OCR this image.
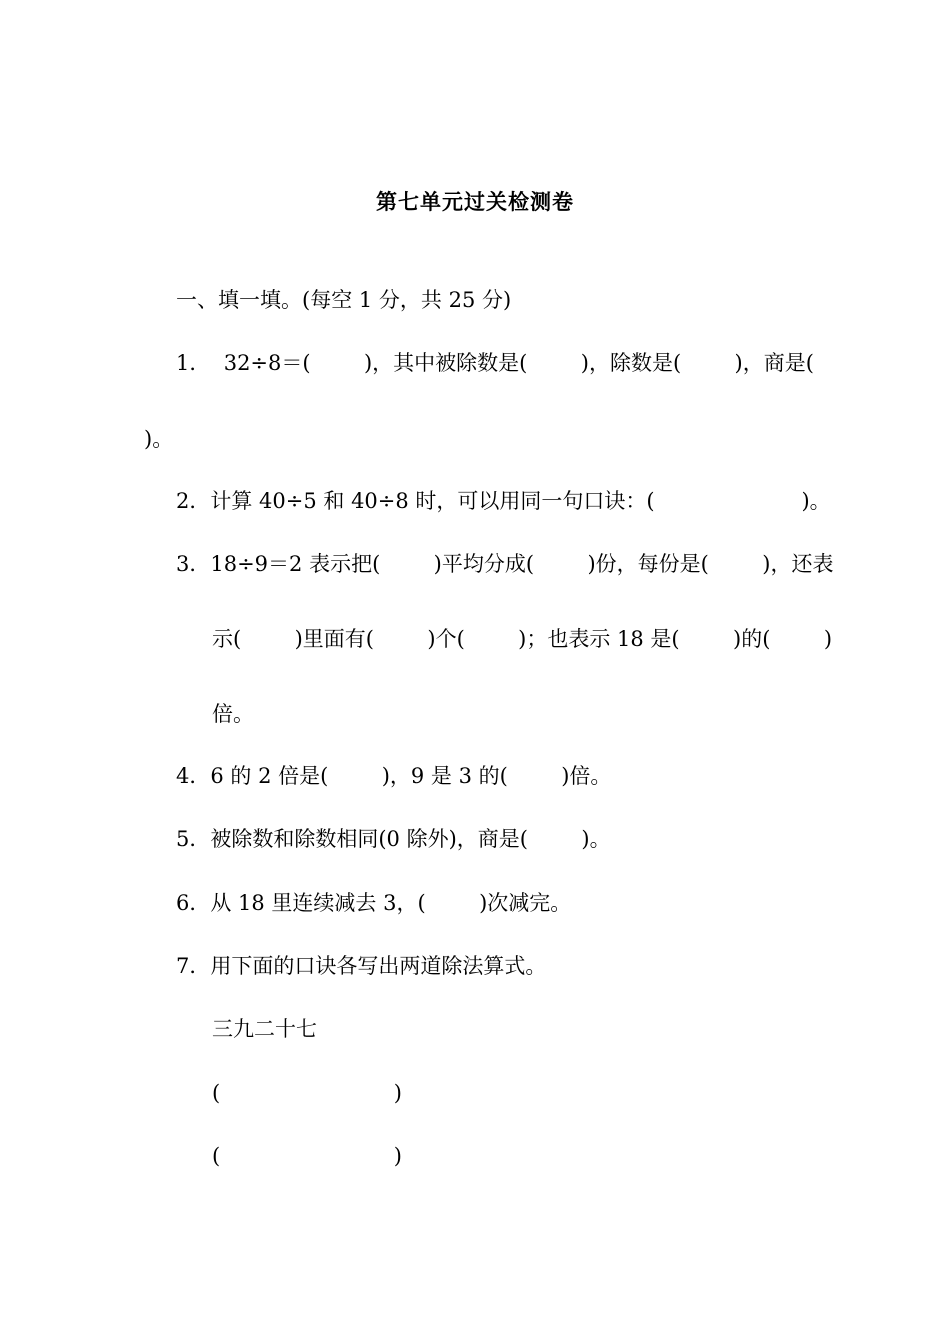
第七单元过关检测卷
一、填一填。(每空 1 分，共 25 分)
1．  32÷8＝(        )，其中被除数是(        )，除数是(        )，商是(
)。
2．计算 40÷5 和 40÷8 时，可以用同一句口诀：(                      )。
3．18÷9＝2 表示把(        )平均分成(        )份，每份是(        )，还表
示(        )里面有(        )个(        )；也表示 18 是(        )的(        )
倍。
4．6 的 2 倍是(        )，9 是 3 的(        )倍。
5．被除数和除数相同(0 除外)，商是(        )。
6．从 18 里连续减去 3，(        )次减完。
7．用下面的口诀各写出两道除法算式。
三九二十七
(                          )
(                          )
